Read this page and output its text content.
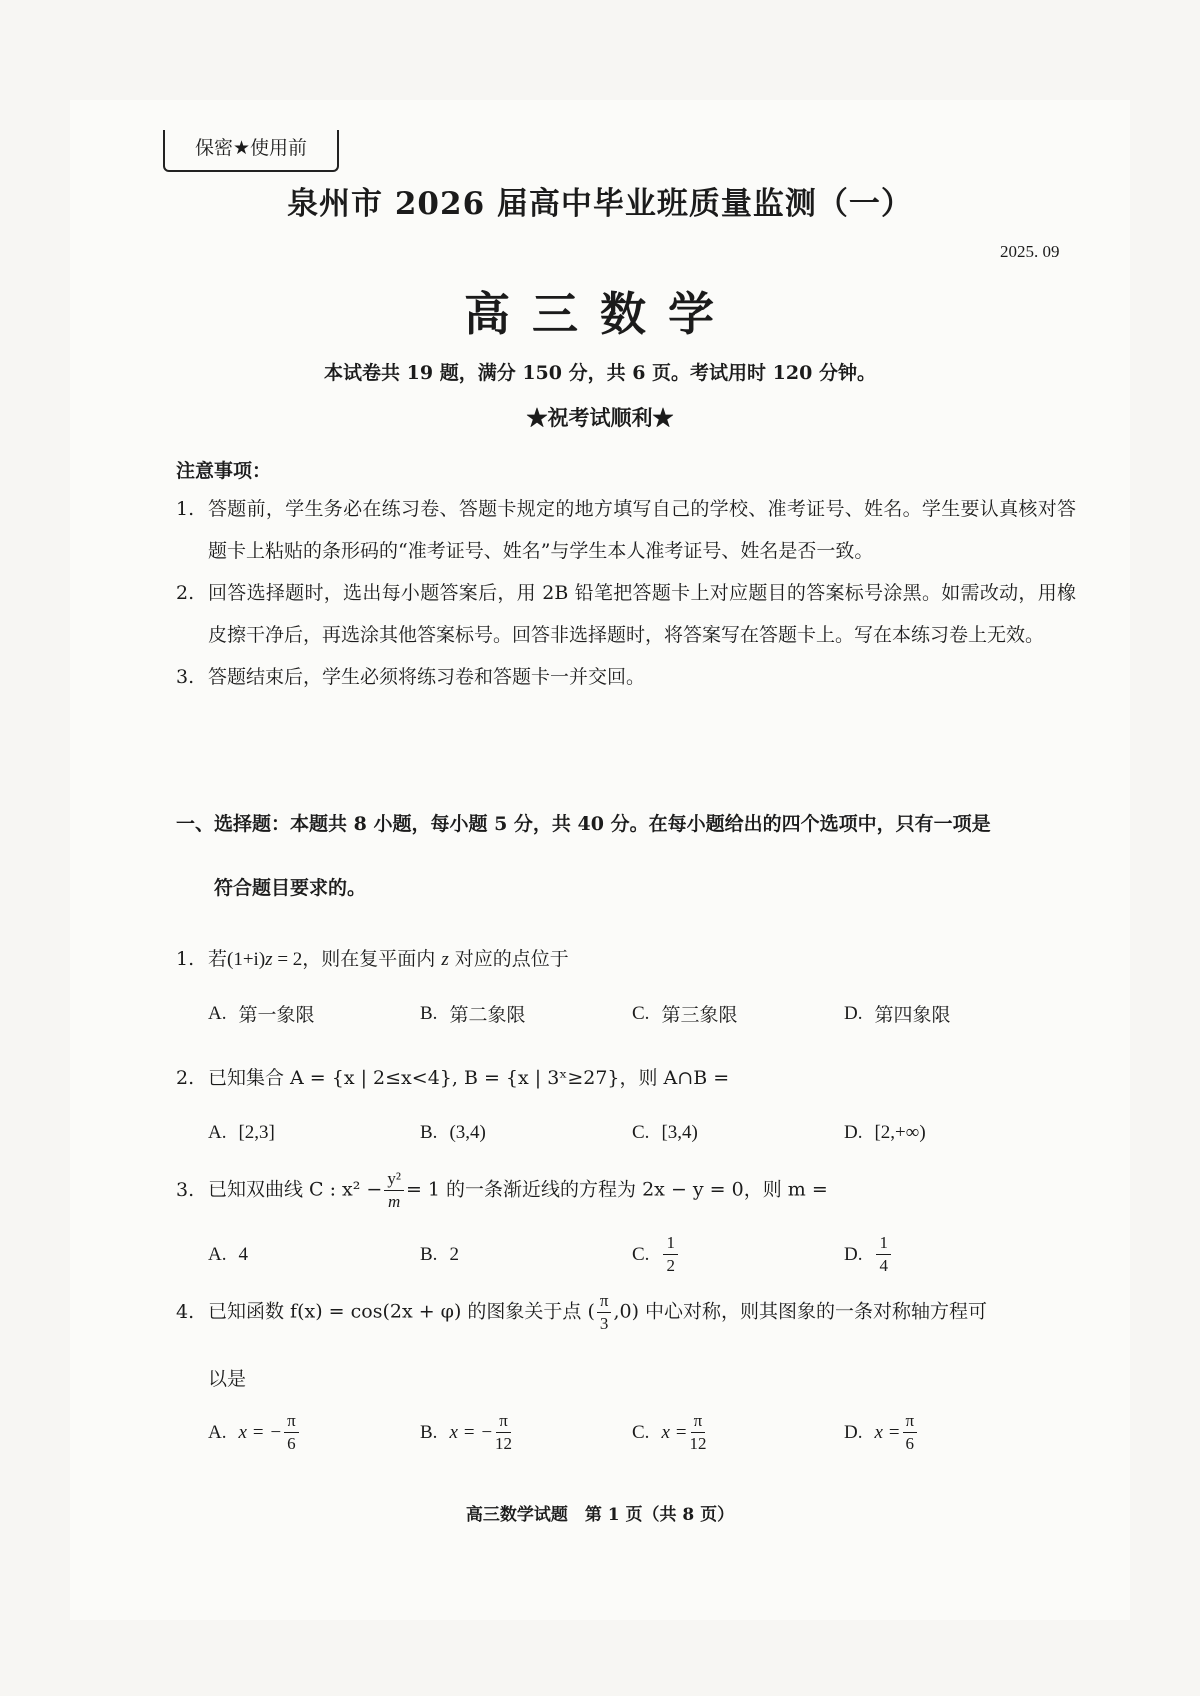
保密★使用前
泉州市 2026 届高中毕业班质量监测（一）
2025. 09
高三数学
本试卷共 19 题，满分 150 分，共 6 页。考试用时 120 分钟。
★祝考试顺利★
注意事项：
1. 答题前，学生务必在练习卷、答题卡规定的地方填写自己的学校、准考证号、姓名。学生要认真核对答题卡上粘贴的条形码的“准考证号、姓名”与学生本人准考证号、姓名是否一致。
2. 回答选择题时，选出每小题答案后，用 2B 铅笔把答题卡上对应题目的答案标号涂黑。如需改动，用橡皮擦干净后，再选涂其他答案标号。回答非选择题时，将答案写在答题卡上。写在本练习卷上无效。
3. 答题结束后，学生必须将练习卷和答题卡一并交回。
一、选择题：本题共 8 小题，每小题 5 分，共 40 分。在每小题给出的四个选项中，只有一项是
符合题目要求的。
1. 若(1+i)z = 2，则在复平面内 z 对应的点位于
A. 第一象限	B. 第二象限	C. 第三象限	D. 第四象限
2. 已知集合 A = {x | 2≤x<4}, B = {x | 3ˣ≥27}，则 A∩B =
A. [2,3]	B. (3,4)	C. [3,4)	D. [2,+∞)
3. 已知双曲线 C : $x^2 - \frac{\text{y²}}{m} = 1$ 的一条渐近线的方程为 2x − y = 0，则 m =
A. 4	B. 2	C. $\frac{1}{2}$	D. $\frac{1}{4}$
4. 已知函数 f(x) = cos(2x + φ) 的图象关于点 ( $\frac{\pi}{3} ,0$) 中心对称，则其图象的一条对称轴方程可
以是
A. x = − $\frac{\pi}{6}$	B. x = − $\frac{\pi}{12}$	C. $x = \frac{\pi}{12}$	D. $x = \frac{\pi}{6}$
高三数学试题　第 1 页（共 8 页）
